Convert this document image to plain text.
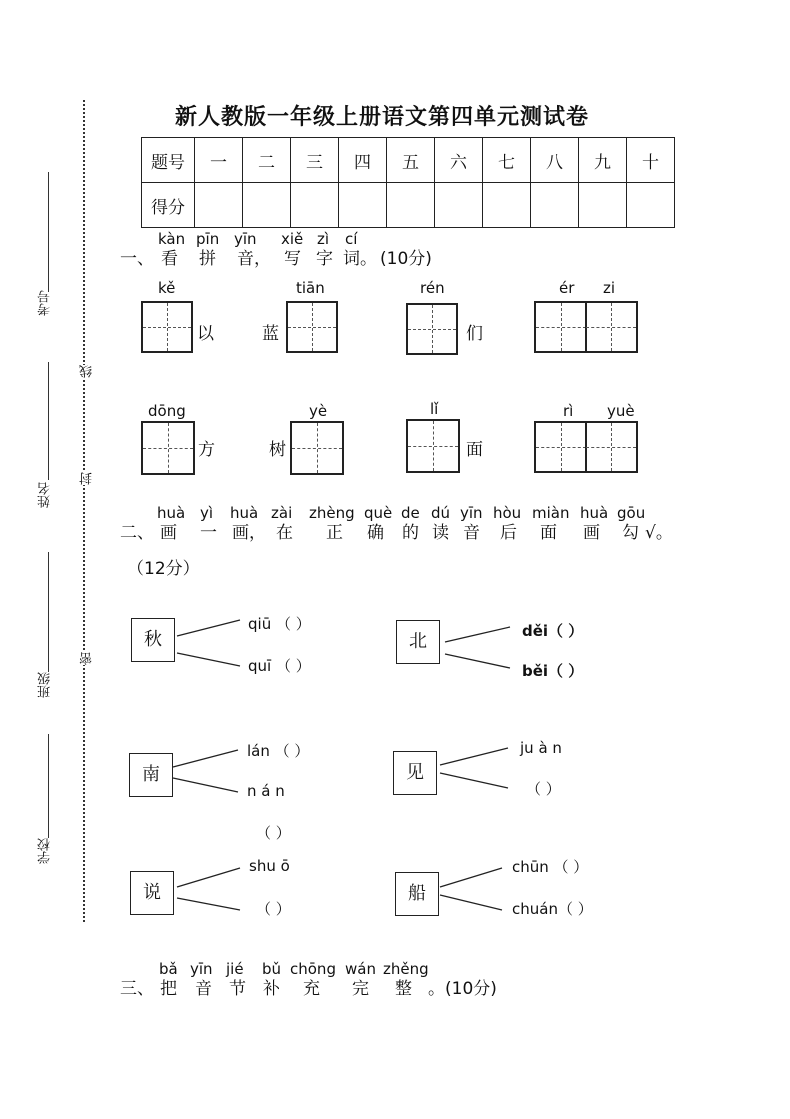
新人教版一年级上册语文第四单元测试卷
题号	一	二	三	四	五	六	七	八	九	十
得分										
线
封
密
考号
姓名
班级
学校
kàn pīn yīn xiě zì cí
一、 看 拼 音， 写 字 词。 (10分)
kě
以
tiān
蓝
rén
们
ér zi
dōng
方
yè
树
lǐ
面
rì yuè
huà yì huà zài zhèng què de dú yīn hòu miàn huà gōu
二、 画 一 画， 在 正 确 的 读 音 后 面 画 勾 √。
（12分）
秋
qiū （ ）
quī （ ）
北	děi（ ）
běi（ ）
南
lán （ ）
n á n
（ ）
见
ju à n
（ ）
说
shu ō
（ ）
船
chūn （ ）
chuán（ ）
bǎ yīn jié bǔ chōng wán zhěng
三、 把 音 节 补 充 完 整 。(10分)
